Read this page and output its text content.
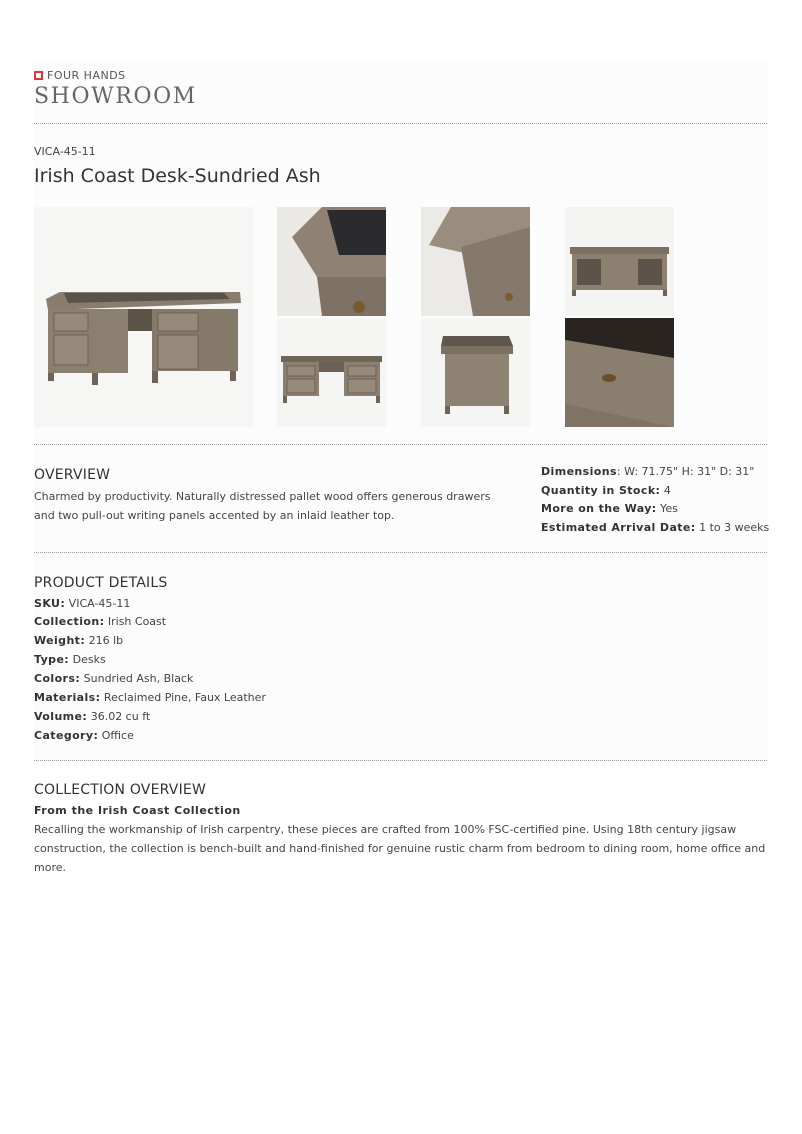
FOUR HANDS
SHOWROOM
VICA-45-11
Irish Coast Desk-Sundried Ash
OVERVIEW
Charmed by productivity. Naturally distressed pallet wood offers generous drawers and two pull-out writing panels accented by an inlaid leather top.
Dimensions: W: 71.75" H: 31" D: 31"
Quantity in Stock: 4
More on the Way: Yes
Estimated Arrival Date: 1 to 3 weeks
PRODUCT DETAILS
SKU: VICA-45-11
Collection: Irish Coast
Weight: 216 lb
Type: Desks
Colors: Sundried Ash, Black
Materials: Reclaimed Pine, Faux Leather
Volume: 36.02 cu ft
Category: Office
COLLECTION OVERVIEW
From the Irish Coast Collection
Recalling the workmanship of Irish carpentry, these pieces are crafted from 100% FSC-certified pine. Using 18th century jigsaw construction, the collection is bench-built and hand-finished for genuine rustic charm from bedroom to dining room, home office and more.
